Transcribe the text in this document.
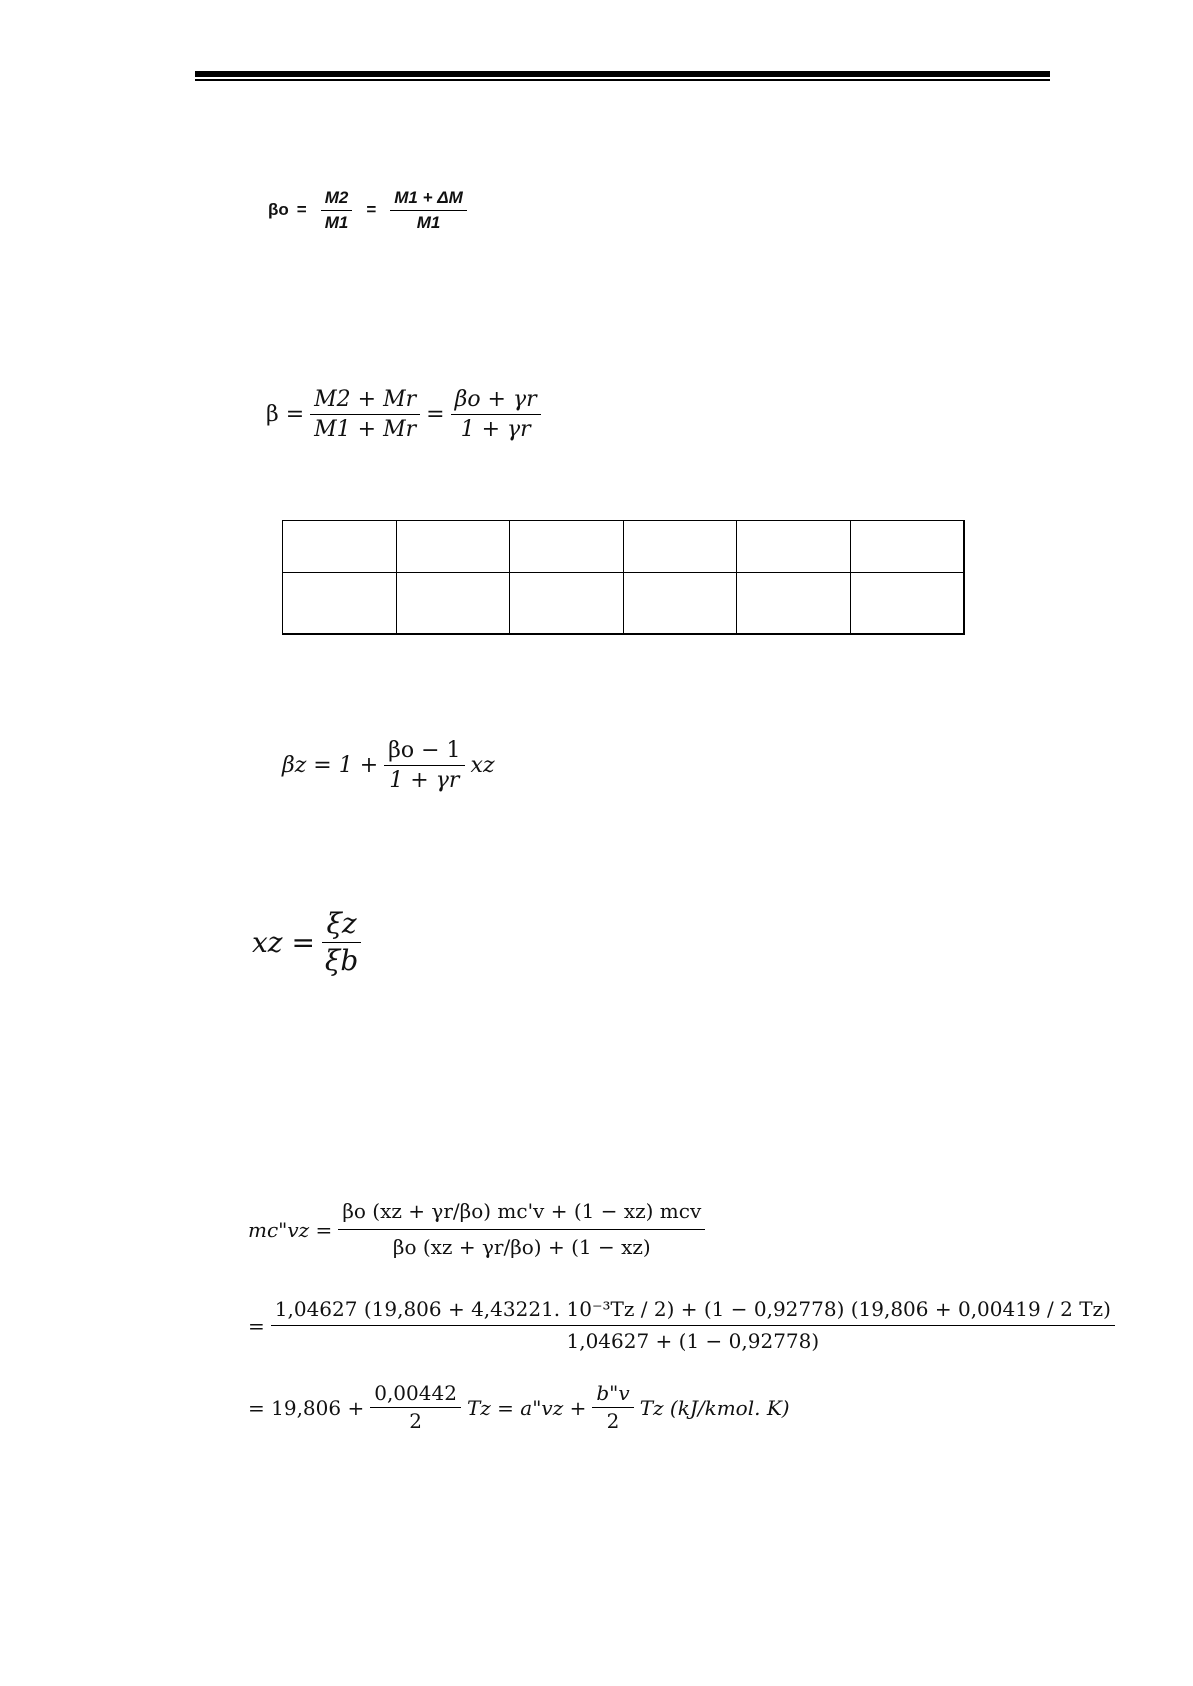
$\beta o = \frac{M2}{M1} = \frac{M1 + \Delta M}{M1}$
$\beta = \frac{M2 + Mr}{M1 + Mr} = \frac{\beta o + \gamma r}{1 + \gamma r}$

$\beta z = 1 + \frac{\beta o - 1}{1 + \gamma r}$ xz
xz = $\frac{\xi z}{\xi b}$
mc"vz = $\frac{\text{βo (xz + γr/βo) mc'v + (1 − xz) mcv}}{\beta o (xz + \gamma r/\beta o) + (1 - xz)}$
=
1,04627 (19,806 + 4,43221. 10⁻³Tz / 2) + (1 − 0,92778) (19,806 + 0,00419 / 2 Tz)
1,04627 + (1 − 0,92778)
= $19,806 + \frac{0,00442}{2}$ Tz = a"vz + $\frac{b"v}{2}$ Tz (kJ/kmol. K)
